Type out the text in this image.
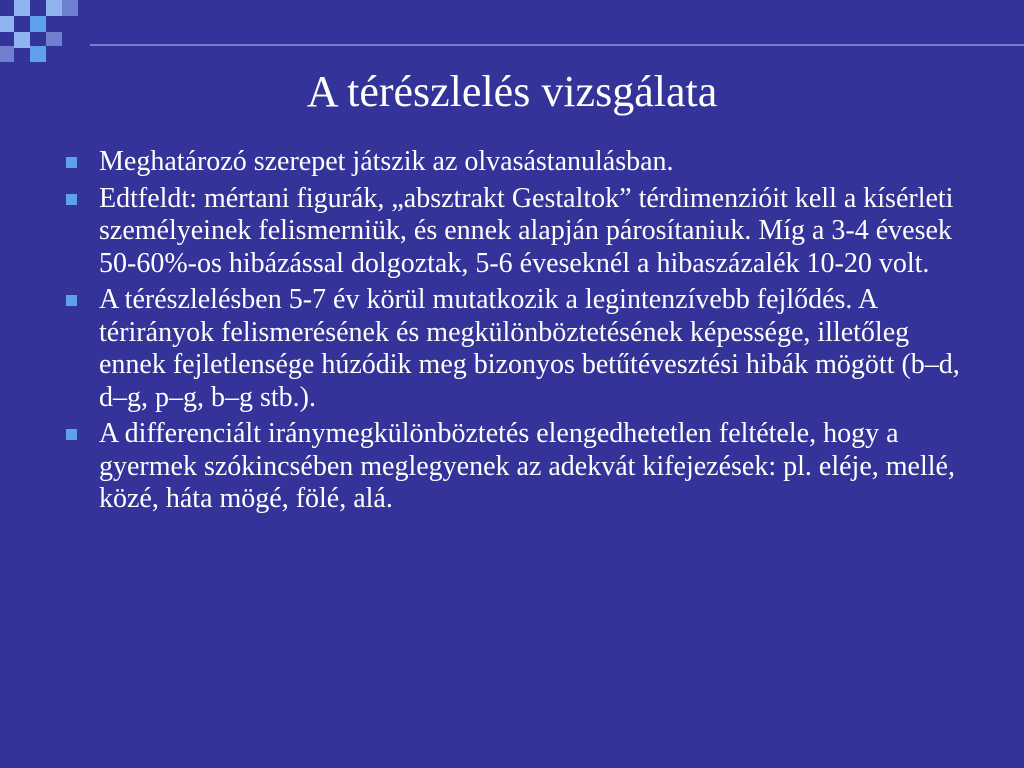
A térészlelés vizsgálata
Meghatározó szerepet játszik az olvasástanulásban.
Edtfeldt: mértani figurák, „absztrakt Gestaltok” térdimenzióit kell a kísérleti személyeinek felismerniük, és ennek alapján párosítaniuk. Míg a 3-4 évesek 50-60%-os hibázással dolgoztak, 5-6 éveseknél a hibaszázalék 10-20 volt.
A térészlelésben 5-7 év körül mutatkozik a legintenzívebb fejlődés. A térirányok felismerésének és megkülönböztetésének képessége, illetőleg ennek fejletlensége húzódik meg bizonyos betűtévesztési hibák mögött (b–d, d–g, p–g, b–g stb.).
A differenciált iránymegkülönböztetés elengedhetetlen feltétele, hogy a gyermek szókincsében meglegyenek az adekvát kifejezések: pl. eléje, mellé, közé, háta mögé, fölé, alá.
